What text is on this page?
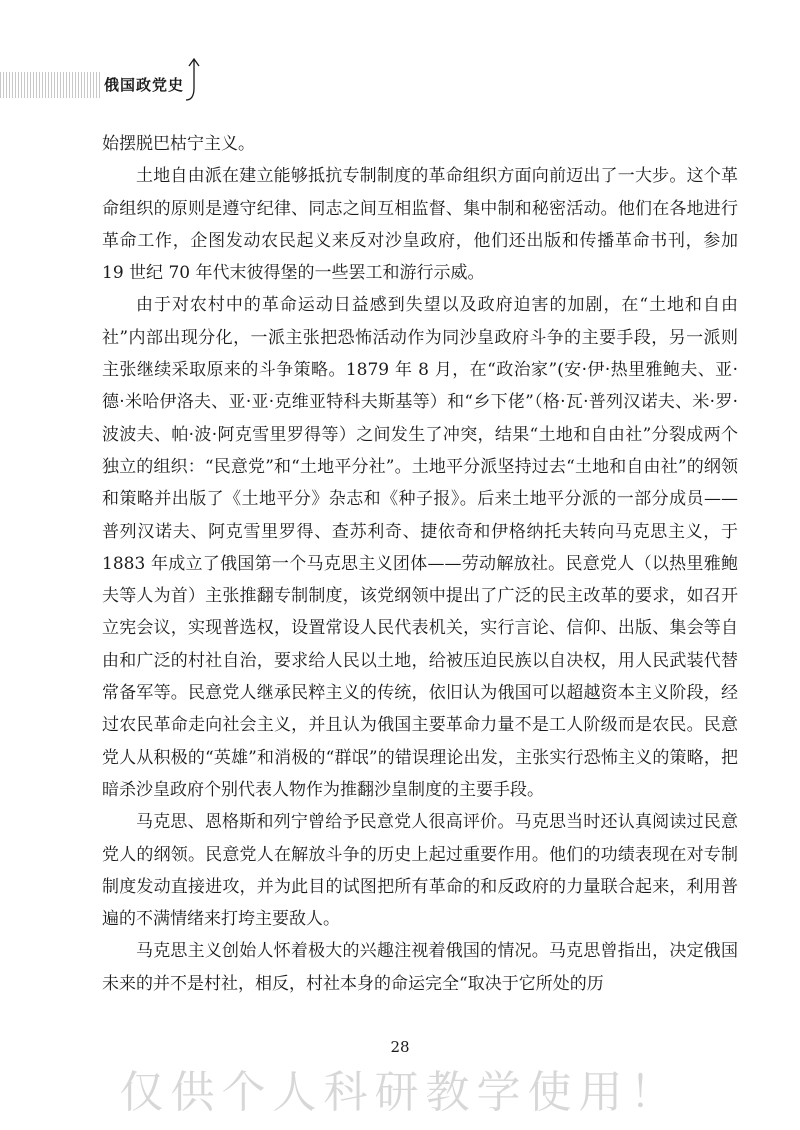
俄国政党史

始摆脱巴枯宁主义。

土地自由派在建立能够抵抗专制制度的革命组织方面向前迈出了一大步。这个革命组织的原则是遵守纪律、同志之间互相监督、集中制和秘密活动。他们在各地进行革命工作，企图发动农民起义来反对沙皇政府，他们还出版和传播革命书刊，参加 19 世纪 70 年代末彼得堡的一些罢工和游行示威。

由于对农村中的革命运动日益感到失望以及政府迫害的加剧，在“土地和自由社”内部出现分化，一派主张把恐怖活动作为同沙皇政府斗争的主要手段，另一派则主张继续采取原来的斗争策略。1879 年 8 月，在“政治家”(安·伊·热里雅鲍夫、亚·德·米哈伊洛夫、亚·亚·克维亚特科夫斯基等）和“乡下佬”（格·瓦·普列汉诺夫、米·罗·波波夫、帕·波·阿克雪里罗得等）之间发生了冲突，结果“土地和自由社”分裂成两个独立的组织：“民意党”和“土地平分社”。土地平分派坚持过去“土地和自由社”的纲领和策略并出版了《土地平分》杂志和《种子报》。后来土地平分派的一部分成员——普列汉诺夫、阿克雪里罗得、查苏利奇、捷依奇和伊格纳托夫转向马克思主义，于 1883 年成立了俄国第一个马克思主义团体——劳动解放社。民意党人（以热里雅鲍夫等人为首）主张推翻专制制度，该党纲领中提出了广泛的民主改革的要求，如召开立宪会议，实现普选权，设置常设人民代表机关，实行言论、信仰、出版、集会等自由和广泛的村社自治，要求给人民以土地，给被压迫民族以自决权，用人民武装代替常备军等。民意党人继承民粹主义的传统，依旧认为俄国可以超越资本主义阶段，经过农民革命走向社会主义，并且认为俄国主要革命力量不是工人阶级而是农民。民意党人从积极的“英雄”和消极的“群氓”的错误理论出发，主张实行恐怖主义的策略，把暗杀沙皇政府个别代表人物作为推翻沙皇制度的主要手段。

马克思、恩格斯和列宁曾给予民意党人很高评价。马克思当时还认真阅读过民意党人的纲领。民意党人在解放斗争的历史上起过重要作用。他们的功绩表现在对专制制度发动直接进攻，并为此目的试图把所有革命的和反政府的力量联合起来，利用普遍的不满情绪来打垮主要敌人。

马克思主义创始人怀着极大的兴趣注视着俄国的情况。马克思曾指出，决定俄国未来的并不是村社，相反，村社本身的命运完全“取决于它所处的历

28
仅供个人科研教学使用！
